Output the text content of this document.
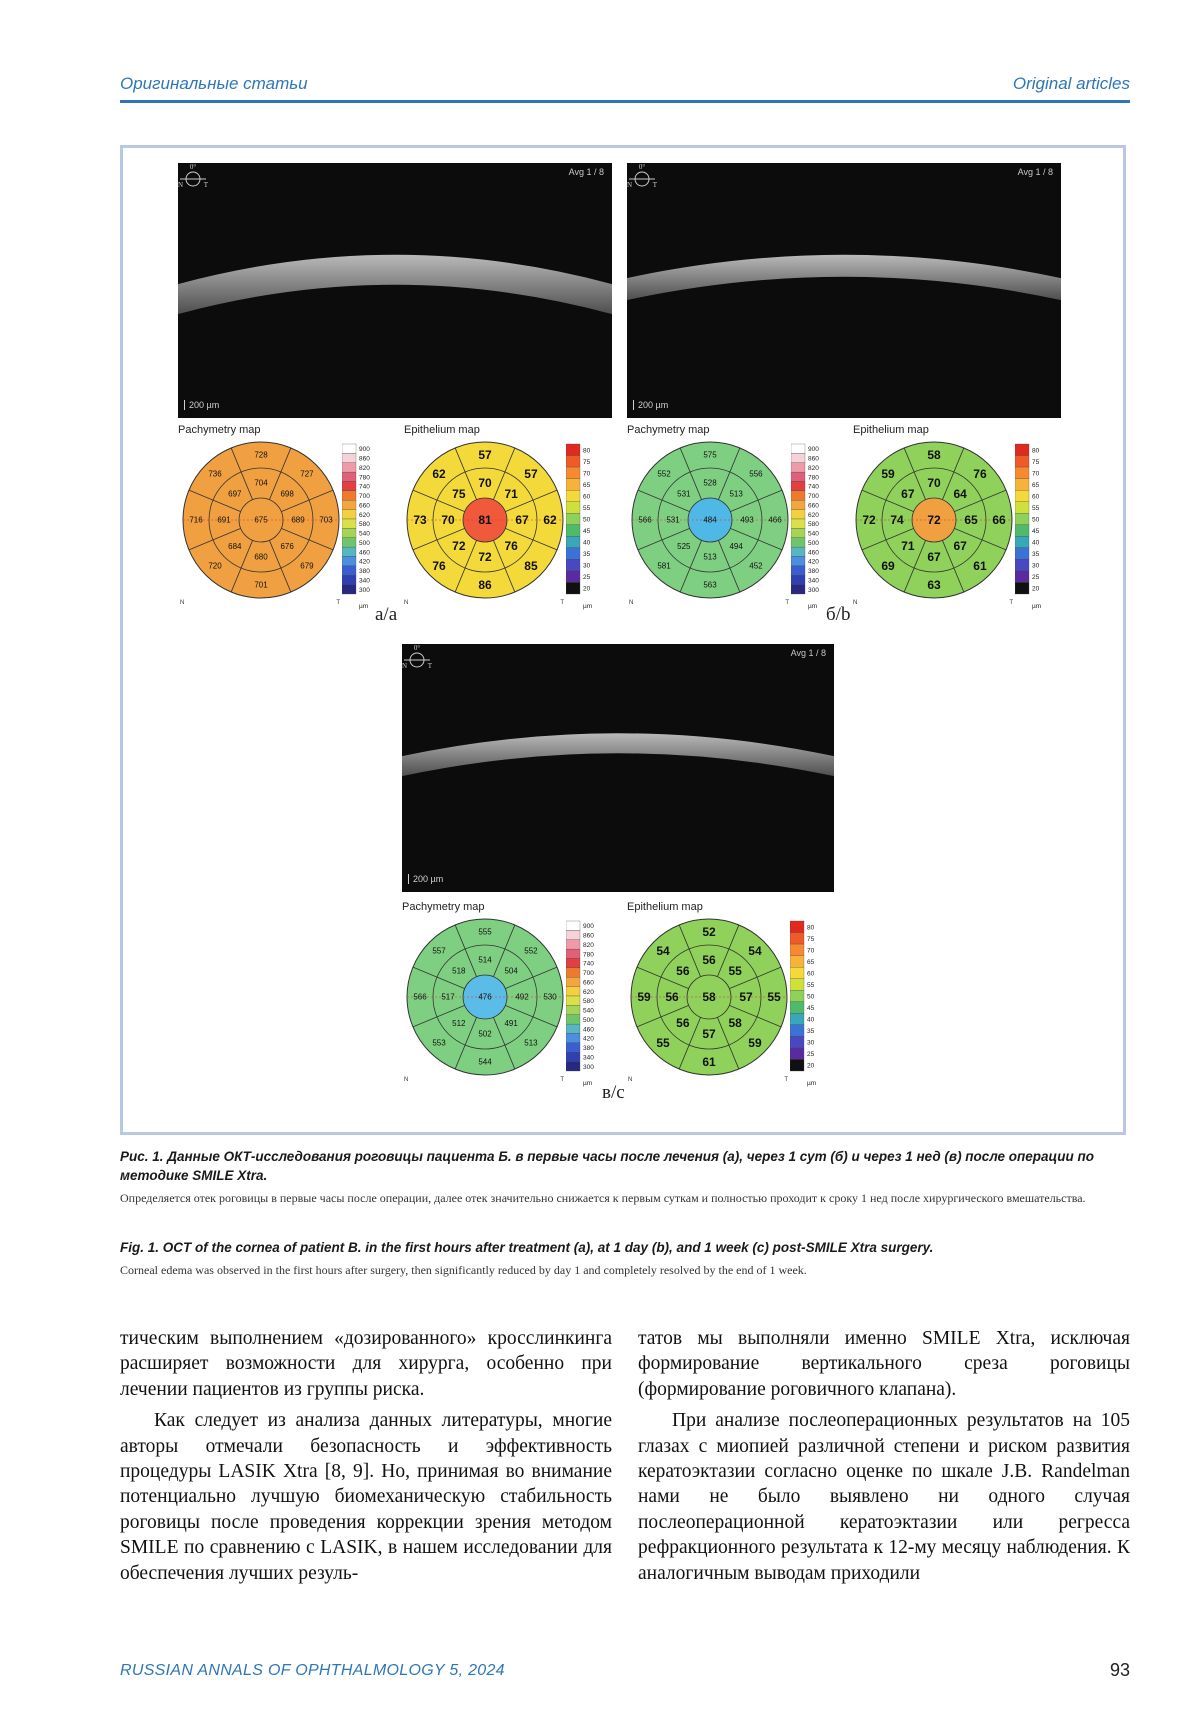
Оригинальные статьи	Original articles
Avg 1 / 8
200 µm
0°
N	T
Avg 1 / 8
200 µm
0°
N	T
Avg 1 / 8
200 µm
0°
N	T
Pachymetry map	Epithelium map	Pachymetry map	Epithelium map
Pachymetry map	Epithelium map
675
704
728
698
727
689 703
676
679
680
701
684
720
691
716
697
736
N	T
900
860
820
780
740
700
660
620
580
540
500
460
420
380
340
300
µm
81
70
57
71
57
67 62
76
85
72
86
72
76
70
73
75
62
N	T
80
75
70
65
60
55
50
45
40
35
30
25
20
µm
484
528
575
513
556
493 466
494
452
513
563
525
581
531
566
531
552
N	T
900
860
820
780
740
700
660
620
580
540
500
460
420
380
340
300
µm
72
70
58
64
76
65 66
67
61
67
63
71
69
74
72
67
59
N	T
80
75
70
65
60
55
50
45
40
35
30
25
20
µm
476
514
555
504
552
492 530
491
513
502
544
512
553
517
566
518
557
N	T
900
860
820
780
740
700
660
620
580
540
500
460
420
380
340
300
µm
58
56
52
55
54
57 55
58
59
57
61
56
55
56
59
56
54
N	T
80
75
70
65
60
55
50
45
40
35
30
25
20
µm
а/a	б/b
в/c
Рис. 1. Данные ОКТ-исследования роговицы пациента Б. в первые часы после лечения (а), через 1 сут (б) и через 1 нед (в) после операции по методике SMILE Xtra.
Определяется отек роговицы в первые часы после операции, далее отек значительно снижается к первым суткам и полностью проходит к сроку 1 нед после хирургического вмешательства.
Fig. 1. OCT of the cornea of patient B. in the first hours after treatment (a), at 1 day (b), and 1 week (c) post-SMILE Xtra surgery.
Corneal edema was observed in the first hours after surgery, then significantly reduced by day 1 and completely resolved by the end of 1 week.

тическим выполнением «дозированного» кросслинкинга расширяет возможности для хирурга, особенно при лечении пациентов из группы риска.

Как следует из анализа данных литературы, многие авторы отмечали безопасность и эффективность процедуры LASIK Xtra [8, 9]. Но, принимая во внимание потенциально лучшую биомеханическую стабильность роговицы после проведения коррекции зрения методом SMILE по сравнению с LASIK, в нашем исследовании для обеспечения лучших резуль-

татов мы выполняли именно SMILE Xtra, исключая формирование вертикального среза роговицы (формирование роговичного клапана).

При анализе послеоперационных результатов на 105 глазах с миопией различной степени и риском развития кератоэктазии согласно оценке по шкале J.B. Randelman нами не было выявлено ни одного случая послеоперационной кератоэктазии или регресса рефракционного результата к 12-му месяцу наблюдения. К аналогичным выводам приходили

RUSSIAN ANNALS OF OPHTHALMOLOGY 5, 2024	93
